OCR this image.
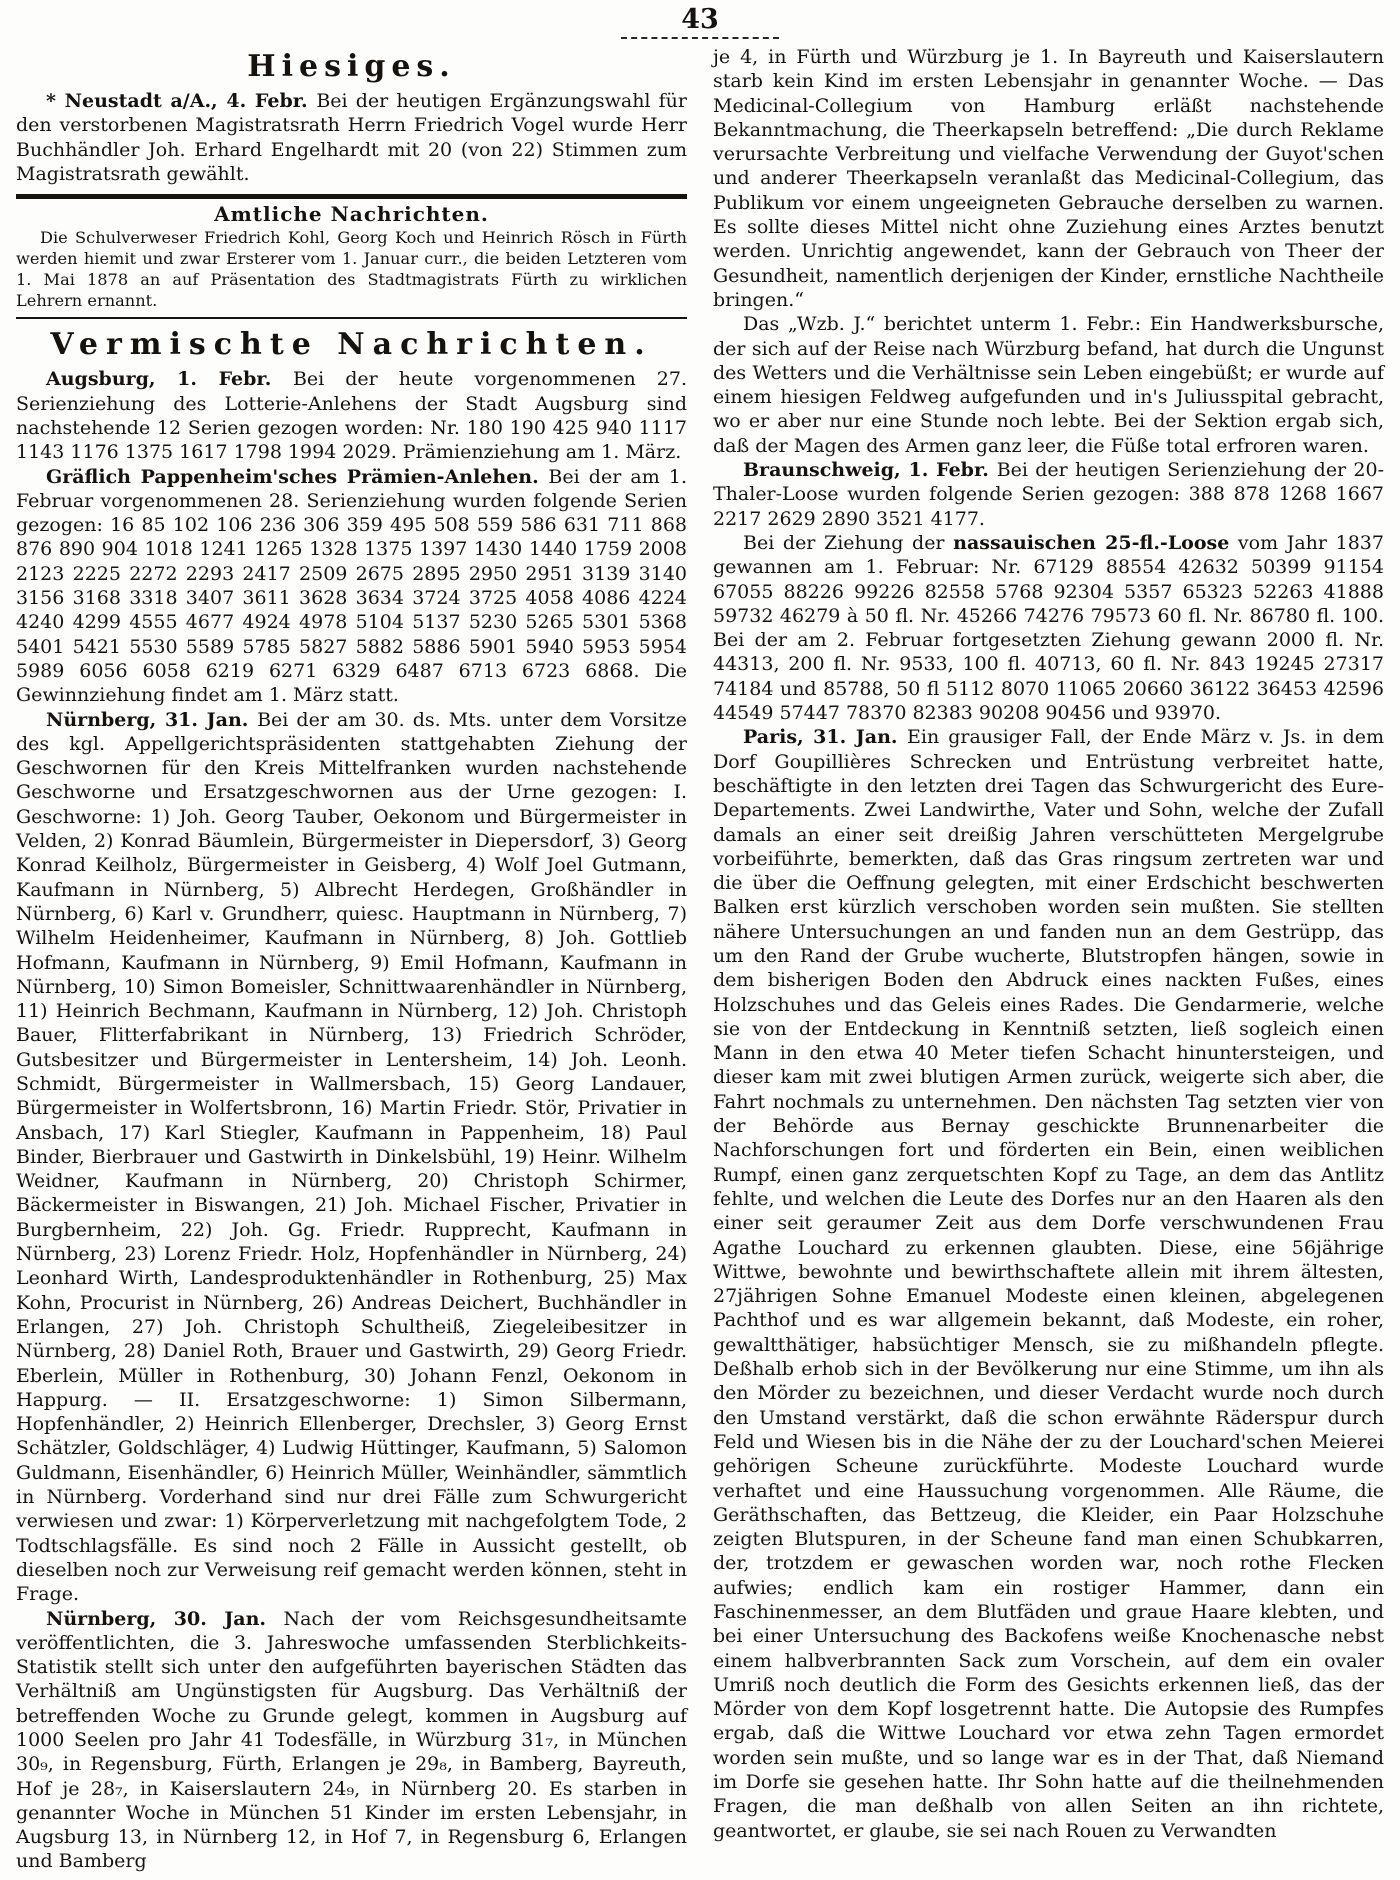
43
Hiesiges.

* Neustadt a/A., 4. Febr. Bei der heutigen Ergänzungswahl für den verstorbenen Magistratsrath Herrn Friedrich Vogel wurde Herr Buchhändler Joh. Erhard Engelhardt mit 20 (von 22) Stimmen zum Magistratsrath gewählt.

Amtliche Nachrichten.

Die Schulverweser Friedrich Kohl, Georg Koch und Heinrich Rösch in Fürth werden hiemit und zwar Ersterer vom 1. Januar curr., die beiden Letzteren vom 1. Mai 1878 an auf Präsentation des Stadtmagistrats Fürth zu wirklichen Lehrern ernannt.

Vermischte Nachrichten.

Augsburg, 1. Febr. Bei der heute vorgenommenen 27. Serienziehung des Lotterie-Anlehens der Stadt Augsburg sind nachstehende 12 Serien gezogen worden: Nr. 180 190 425 940 1117 1143 1176 1375 1617 1798 1994 2029. Prämienziehung am 1. März.

Gräflich Pappenheim'sches Prämien-Anlehen. Bei der am 1. Februar vorgenommenen 28. Serienziehung wurden folgende Serien gezogen: 16 85 102 106 236 306 359 495 508 559 586 631 711 868 876 890 904 1018 1241 1265 1328 1375 1397 1430 1440 1759 2008 2123 2225 2272 2293 2417 2509 2675 2895 2950 2951 3139 3140 3156 3168 3318 3407 3611 3628 3634 3724 3725 4058 4086 4224 4240 4299 4555 4677 4924 4978 5104 5137 5230 5265 5301 5368 5401 5421 5530 5589 5785 5827 5882 5886 5901 5940 5953 5954 5989 6056 6058 6219 6271 6329 6487 6713 6723 6868. Die Gewinnziehung findet am 1. März statt.

Nürnberg, 31. Jan. Bei der am 30. ds. Mts. unter dem Vorsitze des kgl. Appellgerichtspräsidenten stattgehabten Ziehung der Geschwornen für den Kreis Mittelfranken wurden nachstehende Geschworne und Ersatzgeschwornen aus der Urne gezogen: I. Geschworne: 1) Joh. Georg Tauber, Oekonom und Bürgermeister in Velden, 2) Konrad Bäumlein, Bürgermeister in Diepersdorf, 3) Georg Konrad Keilholz, Bürgermeister in Geisberg, 4) Wolf Joel Gutmann, Kaufmann in Nürnberg, 5) Albrecht Herdegen, Großhändler in Nürnberg, 6) Karl v. Grundherr, quiesc. Hauptmann in Nürnberg, 7) Wilhelm Heidenheimer, Kaufmann in Nürnberg, 8) Joh. Gottlieb Hofmann, Kaufmann in Nürnberg, 9) Emil Hofmann, Kaufmann in Nürnberg, 10) Simon Bomeisler, Schnittwaarenhändler in Nürnberg, 11) Heinrich Bechmann, Kaufmann in Nürnberg, 12) Joh. Christoph Bauer, Flitterfabrikant in Nürnberg, 13) Friedrich Schröder, Gutsbesitzer und Bürgermeister in Lentersheim, 14) Joh. Leonh. Schmidt, Bürgermeister in Wallmersbach, 15) Georg Landauer, Bürgermeister in Wolfertsbronn, 16) Martin Friedr. Stör, Privatier in Ansbach, 17) Karl Stiegler, Kaufmann in Pappenheim, 18) Paul Binder, Bierbrauer und Gastwirth in Dinkelsbühl, 19) Heinr. Wilhelm Weidner, Kaufmann in Nürnberg, 20) Christoph Schirmer, Bäckermeister in Biswangen, 21) Joh. Michael Fischer, Privatier in Burgbernheim, 22) Joh. Gg. Friedr. Rupprecht, Kaufmann in Nürnberg, 23) Lorenz Friedr. Holz, Hopfenhändler in Nürnberg, 24) Leonhard Wirth, Landesproduktenhändler in Rothenburg, 25) Max Kohn, Procurist in Nürnberg, 26) Andreas Deichert, Buchhändler in Erlangen, 27) Joh. Christoph Schultheiß, Ziegeleibesitzer in Nürnberg, 28) Daniel Roth, Brauer und Gastwirth, 29) Georg Friedr. Eberlein, Müller in Rothenburg, 30) Johann Fenzl, Oekonom in Happurg. — II. Ersatzgeschworne: 1) Simon Silbermann, Hopfenhändler, 2) Heinrich Ellenberger, Drechsler, 3) Georg Ernst Schätzler, Goldschläger, 4) Ludwig Hüttinger, Kaufmann, 5) Salomon Guldmann, Eisenhändler, 6) Heinrich Müller, Weinhändler, sämmtlich in Nürnberg. Vorderhand sind nur drei Fälle zum Schwurgericht verwiesen und zwar: 1) Körperverletzung mit nachgefolgtem Tode, 2 Todtschlagsfälle. Es sind noch 2 Fälle in Aussicht gestellt, ob dieselben noch zur Verweisung reif gemacht werden können, steht in Frage.

Nürnberg, 30. Jan. Nach der vom Reichsgesundheitsamte veröffentlichten, die 3. Jahreswoche umfassenden Sterblichkeits-Statistik stellt sich unter den aufgeführten bayerischen Städten das Verhältniß am Ungünstigsten für Augsburg. Das Verhältniß der betreffenden Woche zu Grunde gelegt, kommen in Augsburg auf 1000 Seelen pro Jahr 41 Todesfälle, in Würzburg 31₇, in München 30₉, in Regensburg, Fürth, Erlangen je 29₈, in Bamberg, Bayreuth, Hof je 28₇, in Kaiserslautern 24₉, in Nürnberg 20. Es starben in genannter Woche in München 51 Kinder im ersten Lebensjahr, in Augsburg 13, in Nürnberg 12, in Hof 7, in Regensburg 6, Erlangen und Bamberg

je 4, in Fürth und Würzburg je 1. In Bayreuth und Kaiserslautern starb kein Kind im ersten Lebensjahr in genannter Woche. — Das Medicinal-Collegium von Hamburg erläßt nachstehende Bekanntmachung, die Theerkapseln betreffend: „Die durch Reklame verursachte Verbreitung und vielfache Verwendung der Guyot'schen und anderer Theerkapseln veranlaßt das Medicinal-Collegium, das Publikum vor einem ungeeigneten Gebrauche derselben zu warnen. Es sollte dieses Mittel nicht ohne Zuziehung eines Arztes benutzt werden. Unrichtig angewendet, kann der Gebrauch von Theer der Gesundheit, namentlich derjenigen der Kinder, ernstliche Nachtheile bringen.“

Das „Wzb. J.“ berichtet unterm 1. Febr.: Ein Handwerksbursche, der sich auf der Reise nach Würzburg befand, hat durch die Ungunst des Wetters und die Verhältnisse sein Leben eingebüßt; er wurde auf einem hiesigen Feldweg aufgefunden und in's Juliusspital gebracht, wo er aber nur eine Stunde noch lebte. Bei der Sektion ergab sich, daß der Magen des Armen ganz leer, die Füße total erfroren waren.

Braunschweig, 1. Febr. Bei der heutigen Serienziehung der 20-Thaler-Loose wurden folgende Serien gezogen: 388 878 1268 1667 2217 2629 2890 3521 4177.

Bei der Ziehung der nassauischen 25-fl.-Loose vom Jahr 1837 gewannen am 1. Februar: Nr. 67129 88554 42632 50399 91154 67055 88226 99226 82558 5768 92304 5357 65323 52263 41888 59732 46279 à 50 fl. Nr. 45266 74276 79573 60 fl. Nr. 86780 fl. 100. Bei der am 2. Februar fortgesetzten Ziehung gewann 2000 fl. Nr. 44313, 200 fl. Nr. 9533, 100 fl. 40713, 60 fl. Nr. 843 19245 27317 74184 und 85788, 50 fl 5112 8070 11065 20660 36122 36453 42596 44549 57447 78370 82383 90208 90456 und 93970.

Paris, 31. Jan. Ein grausiger Fall, der Ende März v. Js. in dem Dorf Goupillières Schrecken und Entrüstung verbreitet hatte, beschäftigte in den letzten drei Tagen das Schwurgericht des Eure-Departements. Zwei Landwirthe, Vater und Sohn, welche der Zufall damals an einer seit dreißig Jahren verschütteten Mergelgrube vorbeiführte, bemerkten, daß das Gras ringsum zertreten war und die über die Oeffnung gelegten, mit einer Erdschicht beschwerten Balken erst kürzlich verschoben worden sein mußten. Sie stellten nähere Untersuchungen an und fanden nun an dem Gestrüpp, das um den Rand der Grube wucherte, Blutstropfen hängen, sowie in dem bisherigen Boden den Abdruck eines nackten Fußes, eines Holzschuhes und das Geleis eines Rades. Die Gendarmerie, welche sie von der Entdeckung in Kenntniß setzten, ließ sogleich einen Mann in den etwa 40 Meter tiefen Schacht hinuntersteigen, und dieser kam mit zwei blutigen Armen zurück, weigerte sich aber, die Fahrt nochmals zu unternehmen. Den nächsten Tag setzten vier von der Behörde aus Bernay geschickte Brunnenarbeiter die Nachforschungen fort und förderten ein Bein, einen weiblichen Rumpf, einen ganz zerquetschten Kopf zu Tage, an dem das Antlitz fehlte, und welchen die Leute des Dorfes nur an den Haaren als den einer seit geraumer Zeit aus dem Dorfe verschwundenen Frau Agathe Louchard zu erkennen glaubten. Diese, eine 56jährige Wittwe, bewohnte und bewirthschaftete allein mit ihrem ältesten, 27jährigen Sohne Emanuel Modeste einen kleinen, abgelegenen Pachthof und es war allgemein bekannt, daß Modeste, ein roher, gewaltthätiger, habsüchtiger Mensch, sie zu mißhandeln pflegte. Deßhalb erhob sich in der Bevölkerung nur eine Stimme, um ihn als den Mörder zu bezeichnen, und dieser Verdacht wurde noch durch den Umstand verstärkt, daß die schon erwähnte Räderspur durch Feld und Wiesen bis in die Nähe der zu der Louchard'schen Meierei gehörigen Scheune zurückführte. Modeste Louchard wurde verhaftet und eine Haussuchung vorgenommen. Alle Räume, die Geräthschaften, das Bettzeug, die Kleider, ein Paar Holzschuhe zeigten Blutspuren, in der Scheune fand man einen Schubkarren, der, trotzdem er gewaschen worden war, noch rothe Flecken aufwies; endlich kam ein rostiger Hammer, dann ein Faschinenmesser, an dem Blutfäden und graue Haare klebten, und bei einer Untersuchung des Backofens weiße Knochenasche nebst einem halbverbrannten Sack zum Vorschein, auf dem ein ovaler Umriß noch deutlich die Form des Gesichts erkennen ließ, das der Mörder von dem Kopf losgetrennt hatte. Die Autopsie des Rumpfes ergab, daß die Wittwe Louchard vor etwa zehn Tagen ermordet worden sein mußte, und so lange war es in der That, daß Niemand im Dorfe sie gesehen hatte. Ihr Sohn hatte auf die theilnehmenden Fragen, die man deßhalb von allen Seiten an ihn richtete, geantwortet, er glaube, sie sei nach Rouen zu Verwandten
